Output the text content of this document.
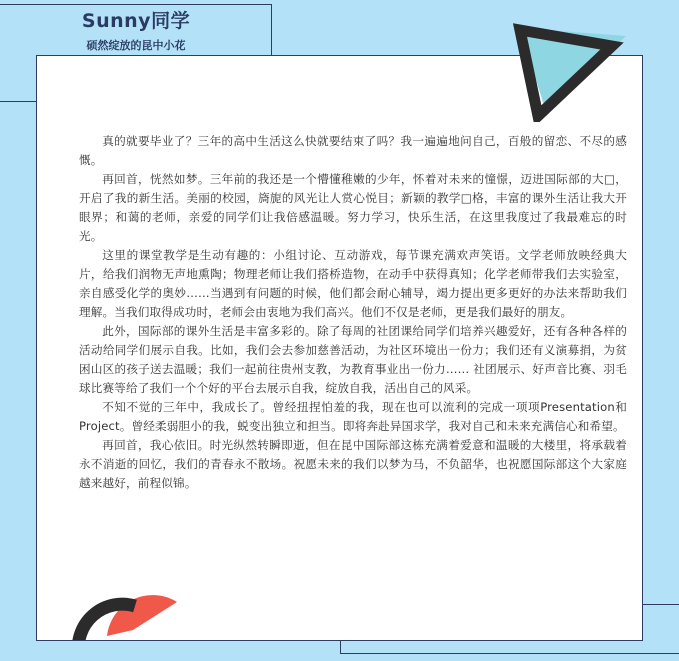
Sunny同学
硕然绽放的昆中小花

真的就要毕业了？三年的高中生活这么快就要结束了吗？我一遍遍地问自己，百般的留恋、不尽的感慨。

再回首，恍然如梦。三年前的我还是一个懵懂稚嫩的少年，怀着对未来的憧憬，迈进国际部的大□，开启了我的新生活。美丽的校园，旖旎的风光让人赏心悦目；新颖的教学□格，丰富的课外生活让我大开眼界；和蔼的老师，亲爱的同学们让我倍感温暖。努力学习，快乐生活，在这里我度过了我最难忘的时光。

这里的课堂教学是生动有趣的：小组讨论、互动游戏，每节课充满欢声笑语。文学老师放映经典大片，给我们润物无声地熏陶；物理老师让我们搭桥造物，在动手中获得真知；化学老师带我们去实验室，亲自感受化学的奥妙……当遇到有问题的时候，他们都会耐心辅导，竭力提出更多更好的办法来帮助我们理解。当我们取得成功时，老师会由衷地为我们高兴。他们不仅是老师，更是我们最好的朋友。

此外，国际部的课外生活是丰富多彩的。除了每周的社团课给同学们培养兴趣爱好，还有各种各样的活动给同学们展示自我。比如，我们会去参加慈善活动，为社区环境出一份力；我们还有义演募捐，为贫困山区的孩子送去温暖；我们一起前往贵州支教，为教育事业出一份力…… 社团展示、好声音比赛、羽毛球比赛等给了我们一个个好的平台去展示自我，绽放自我，活出自己的风采。

不知不觉的三年中，我成长了。曾经扭捏怕羞的我，现在也可以流利的完成一项项Presentation和Project。曾经柔弱胆小的我，蜕变出独立和担当。即将奔赴异国求学，我对自己和未来充满信心和希望。

再回首，我心依旧。时光纵然转瞬即逝，但在昆中国际部这栋充满着爱意和温暖的大楼里，将承载着永不消逝的回忆，我们的青春永不散场。祝愿未来的我们以梦为马，不负韶华，也祝愿国际部这个大家庭越来越好，前程似锦。
